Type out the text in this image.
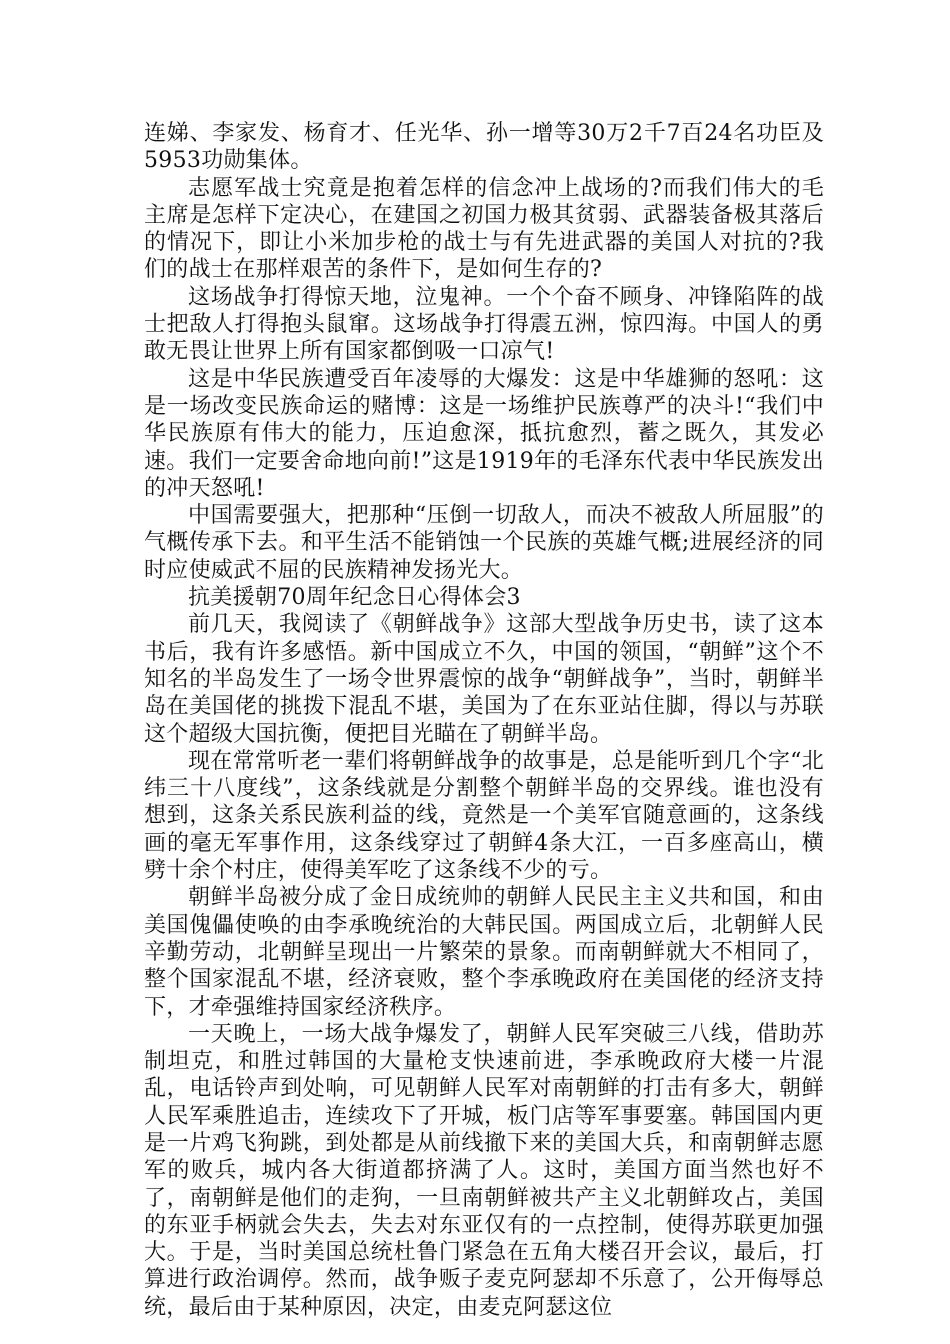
连娣、李家发、杨育才、任光华、孙一增等30万2千7百24名功臣及5953功勋集体。

志愿军战士究竟是抱着怎样的信念冲上战场的?而我们伟大的毛主席是怎样下定决心，在建国之初国力极其贫弱、武器装备极其落后的情况下，即让小米加步枪的战士与有先进武器的美国人对抗的?我们的战士在那样艰苦的条件下，是如何生存的?

这场战争打得惊天地，泣鬼神。一个个奋不顾身、冲锋陷阵的战士把敌人打得抱头鼠窜。这场战争打得震五洲，惊四海。中国人的勇敢无畏让世界上所有国家都倒吸一口凉气!

这是中华民族遭受百年凌辱的大爆发：这是中华雄狮的怒吼：这是一场改变民族命运的赌博：这是一场维护民族尊严的决斗!“我们中华民族原有伟大的能力，压迫愈深，抵抗愈烈，蓄之既久，其发必速。我们一定要舍命地向前!”这是1919年的毛泽东代表中华民族发出的冲天怒吼!

中国需要强大，把那种“压倒一切敌人，而决不被敌人所屈服”的气概传承下去。和平生活不能销蚀一个民族的英雄气概;进展经济的同时应使威武不屈的民族精神发扬光大。

抗美援朝70周年纪念日心得体会3

前几天，我阅读了《朝鲜战争》这部大型战争历史书，读了这本书后，我有许多感悟。新中国成立不久，中国的领国，“朝鲜”这个不知名的半岛发生了一场令世界震惊的战争“朝鲜战争”，当时，朝鲜半岛在美国佬的挑拨下混乱不堪，美国为了在东亚站住脚，得以与苏联这个超级大国抗衡，便把目光瞄在了朝鲜半岛。

现在常常听老一辈们将朝鲜战争的故事是，总是能听到几个字“北纬三十八度线”，这条线就是分割整个朝鲜半岛的交界线。谁也没有想到，这条关系民族利益的线，竟然是一个美军官随意画的，这条线画的毫无军事作用，这条线穿过了朝鲜4条大江，一百多座高山，横劈十余个村庄，使得美军吃了这条线不少的亏。

朝鲜半岛被分成了金日成统帅的朝鲜人民民主主义共和国，和由美国傀儡使唤的由李承晚统治的大韩民国。两国成立后，北朝鲜人民辛勤劳动，北朝鲜呈现出一片繁荣的景象。而南朝鲜就大不相同了，整个国家混乱不堪，经济衰败，整个李承晚政府在美国佬的经济支持下，才牵强维持国家经济秩序。

一天晚上，一场大战争爆发了，朝鲜人民军突破三八线，借助苏制坦克，和胜过韩国的大量枪支快速前进，李承晚政府大楼一片混乱，电话铃声到处响，可见朝鲜人民军对南朝鲜的打击有多大，朝鲜人民军乘胜追击，连续攻下了开城，板门店等军事要塞。韩国国内更是一片鸡飞狗跳，到处都是从前线撤下来的美国大兵，和南朝鲜志愿军的败兵，城内各大街道都挤满了人。这时，美国方面当然也好不了，南朝鲜是他们的走狗，一旦南朝鲜被共产主义北朝鲜攻占，美国的东亚手柄就会失去，失去对东亚仅有的一点控制，使得苏联更加强大。于是，当时美国总统杜鲁门紧急在五角大楼召开会议，最后，打算进行政治调停。然而，战争贩子麦克阿瑟却不乐意了，公开侮辱总统，最后由于某种原因，决定，由麦克阿瑟这位
